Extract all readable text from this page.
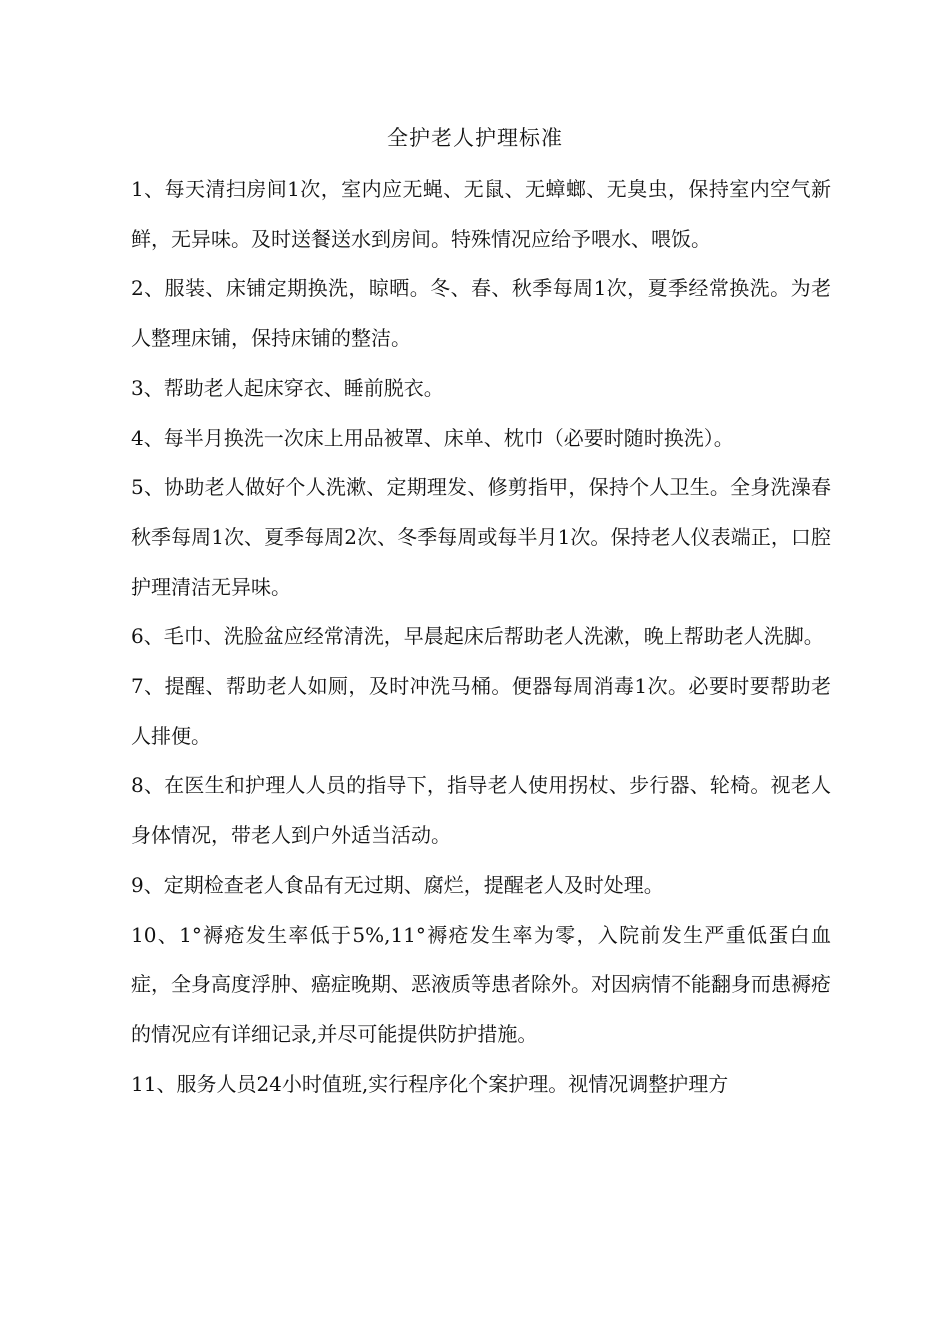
全护老人护理标准

1、每天清扫房间1次，室内应无蝇、无鼠、无蟑螂、无臭虫，保持室内空气新鲜，无异味。及时送餐送水到房间。特殊情况应给予喂水、喂饭。

2、服装、床铺定期换洗，晾晒。冬、春、秋季每周1次，夏季经常换洗。为老人整理床铺，保持床铺的整洁。

3、帮助老人起床穿衣、睡前脱衣。

4、每半月换洗一次床上用品被罩、床单、枕巾（必要时随时换洗）。

5、协助老人做好个人洗漱、定期理发、修剪指甲，保持个人卫生。全身洗澡春秋季每周1次、夏季每周2次、冬季每周或每半月1次。保持老人仪表端正，口腔护理清洁无异味。

6、毛巾、洗脸盆应经常清洗，早晨起床后帮助老人洗漱，晚上帮助老人洗脚。

7、提醒、帮助老人如厕，及时冲洗马桶。便器每周消毒1次。必要时要帮助老人排便。

8、在医生和护理人人员的指导下，指导老人使用拐杖、步行器、轮椅。视老人身体情况，带老人到户外适当活动。

9、定期检查老人食品有无过期、腐烂，提醒老人及时处理。

10、1°褥疮发生率低于5%,11°褥疮发生率为零，入院前发生严重低蛋白血症，全身高度浮肿、癌症晚期、恶液质等患者除外。对因病情不能翻身而患褥疮的情况应有详细记录,并尽可能提供防护措施。

11、服务人员24小时值班,实行程序化个案护理。视情况调整护理方
